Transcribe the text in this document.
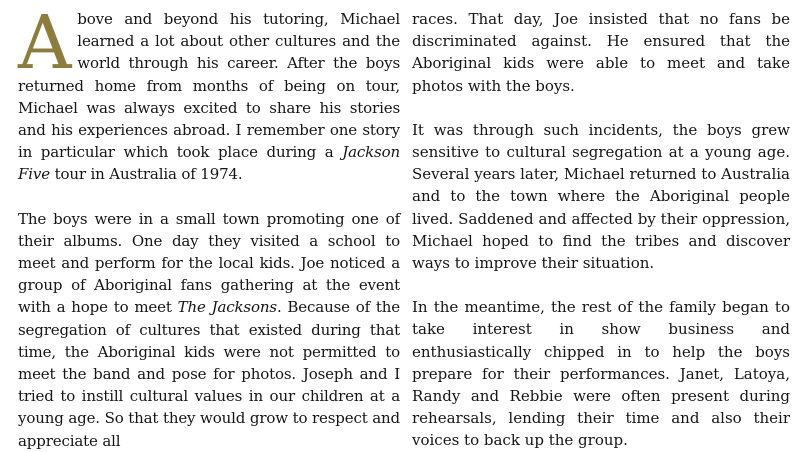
Above and beyond his tutoring, Michael learned a lot about other cultures and the world through his career. After the boys returned home from months of being on tour, Michael was always excited to share his stories and his experiences abroad. I remember one story in particular which took place during a Jackson Five tour in Australia of 1974.

The boys were in a small town promoting one of their albums. One day they visited a school to meet and perform for the local kids. Joe noticed a group of Aboriginal fans gathering at the event with a hope to meet The Jacksons. Because of the segregation of cultures that existed during that time, the Aboriginal kids were not permitted to meet the band and pose for photos. Joseph and I tried to instill cultural values in our children at a young age. So that they would grow to respect and appreciate all

races. That day, Joe insisted that no fans be discriminated against. He ensured that the Aboriginal kids were able to meet and take photos with the boys.

It was through such incidents, the boys grew sensitive to cultural segregation at a young age. Several years later, Michael returned to Australia and to the town where the Aboriginal people lived. Saddened and affected by their oppression, Michael hoped to find the tribes and discover ways to improve their situation.

In the meantime, the rest of the family began to take interest in show business and enthusiastically chipped in to help the boys prepare for their performances. Janet, Latoya, Randy and Rebbie were often present during rehearsals, lending their time and also their voices to back up the group.
